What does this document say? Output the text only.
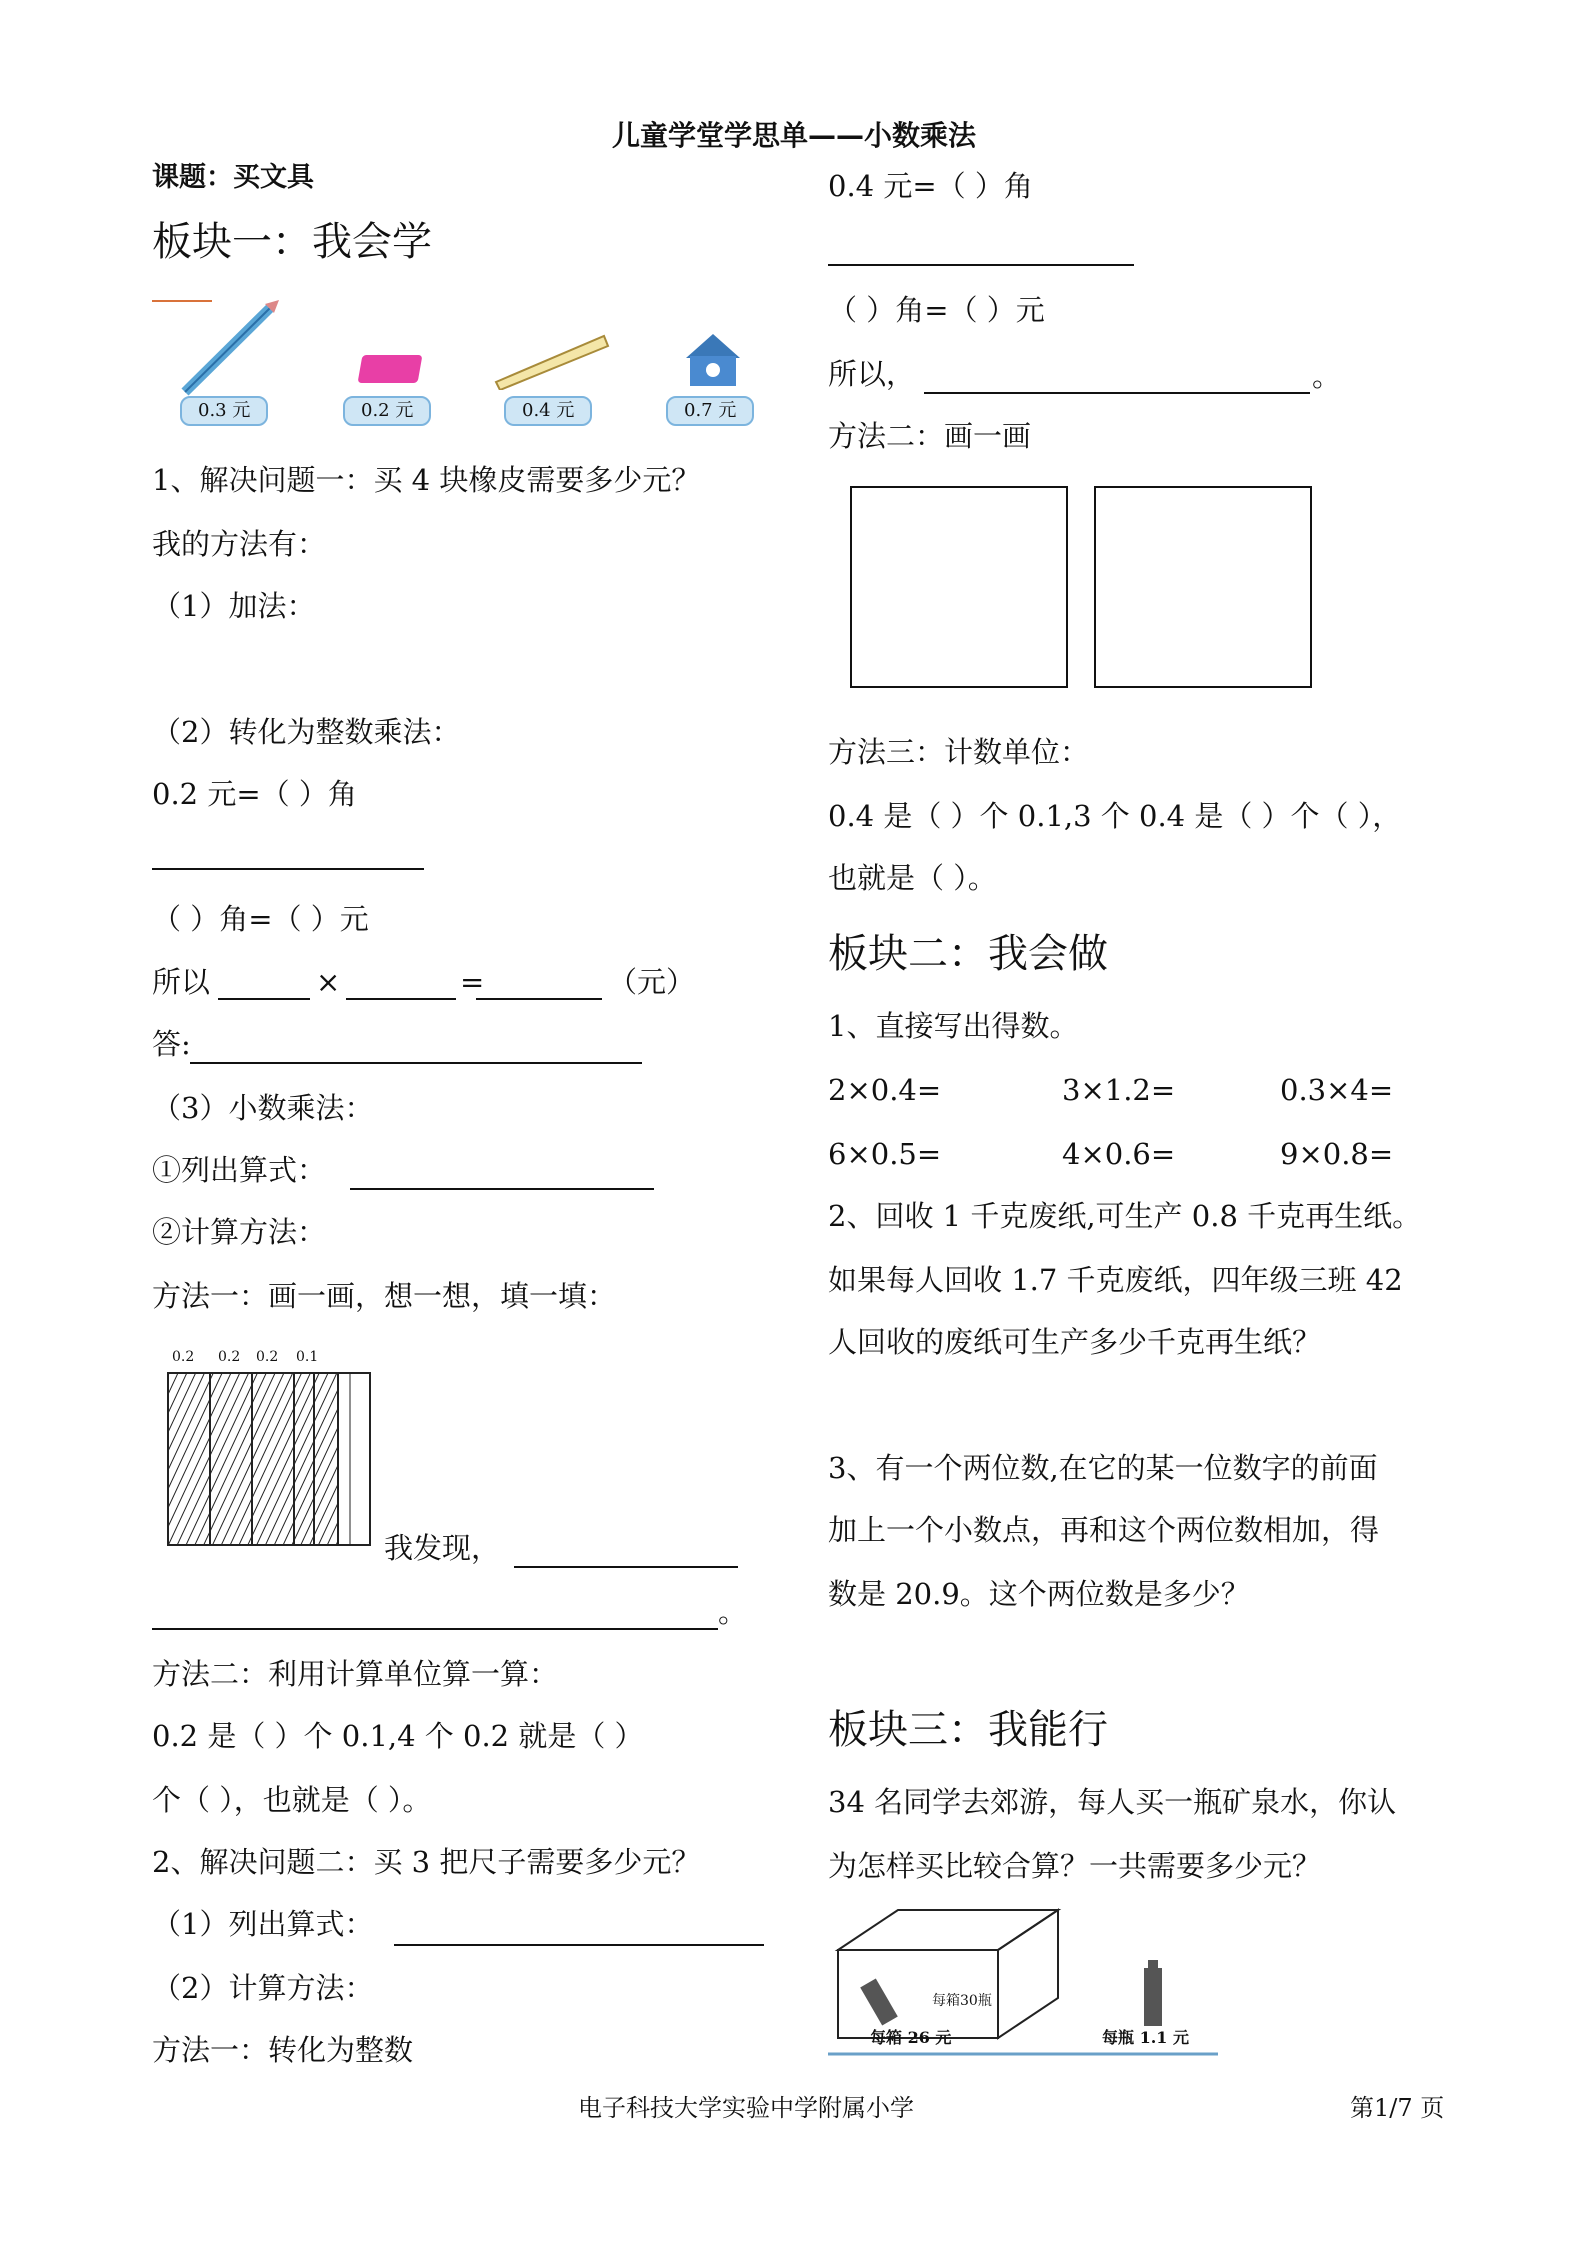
儿童学堂学思单——小数乘法
课题：买文具
板块一：我会学
0.3 元	0.2 元	0.4 元	0.7 元
1、解决问题一：买 4 块橡皮需要多少元？
我的方法有：
（1）加法：
（2）转化为整数乘法：
0.2 元=（ ）角
（ ）角=（ ）元
所以	×	=	（元）
答:
（3）小数乘法：
①列出算式：
②计算方法：
方法一：画一画，想一想，填一填：
0.2 0.2 0.2 0.1
我发现，
。
方法二：利用计算单位算一算：
0.2 是（ ）个 0.1,4 个 0.2 就是（ ）
个（ ），也就是（ ）。
2、解决问题二：买 3 把尺子需要多少元？
（1）列出算式：
（2）计算方法：
方法一：转化为整数
0.4 元=（ ）角
（ ）角=（ ）元
所以，	。
方法二：画一画
方法三：计数单位：
0.4 是（ ）个 0.1,3 个 0.4 是（ ）个（ ），
也就是（ ）。
板块二：我会做
1、直接写出得数。
2×0.4=	3×1.2=	0.3×4=
6×0.5=	4×0.6=	9×0.8=
2、回收 1 千克废纸,可生产 0.8 千克再生纸。
如果每人回收 1.7 千克废纸，四年级三班 42
人回收的废纸可生产多少千克再生纸？
3、有一个两位数,在它的某一位数字的前面
加上一个小数点，再和这个两位数相加，得
数是 20.9。这个两位数是多少？
板块三：我能行
34 名同学去郊游，每人买一瓶矿泉水，你认
为怎样买比较合算？一共需要多少元？
每箱30瓶
每箱 26 元	每瓶 1.1 元
电子科技大学实验中学附属小学	第1/7 页
